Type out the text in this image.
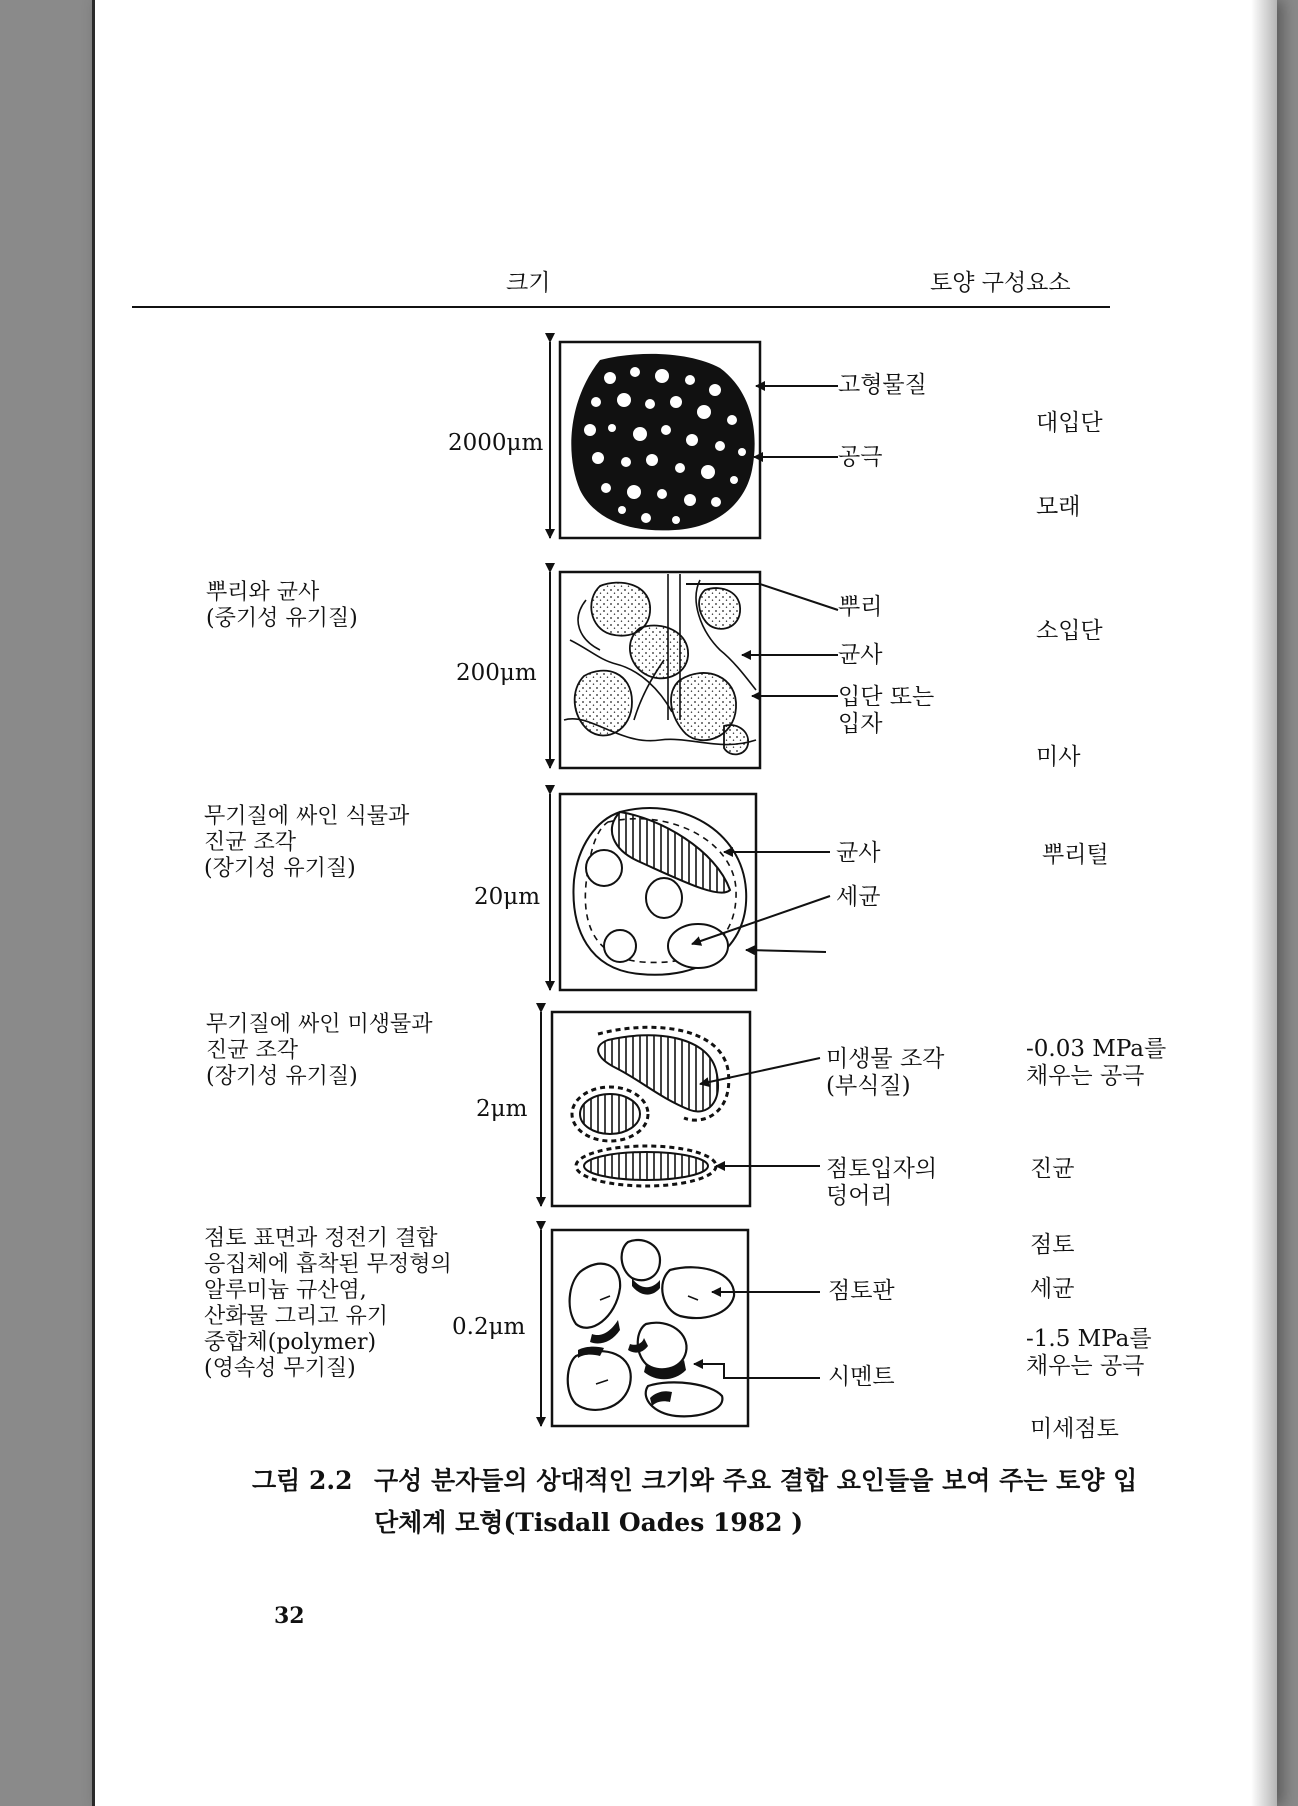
크기	토양 구성요소
2000μm
200μm
20μm
2μm
0.2μm
뿌리와 균사
(중기성 유기질)
무기질에 싸인 식물과
진균 조각
(장기성 유기질)
무기질에 싸인 미생물과
진균 조각
(장기성 유기질)
점토 표면과 정전기 결합
응집체에 흡착된 무정형의
알루미늄 규산염,
산화물 그리고 유기
중합체(polymer)
(영속성 무기질)
고형물질
공극
뿌리
균사
입단 또는
입자
균사
세균
미생물 조각
(부식질)
점토입자의
덩어리
점토판
시멘트
대입단
모래
소입단
미사
뿌리털
-0.03 MPa를
채우는 공극
진균
점토
세균
-1.5 MPa를
채우는 공극
미세점토
그림 2.2 구성 분자들의 상대적인 크기와 주요 결합 요인들을 보여 주는 토양 입
단체계 모형(Tisdall Oades 1982 )
32
